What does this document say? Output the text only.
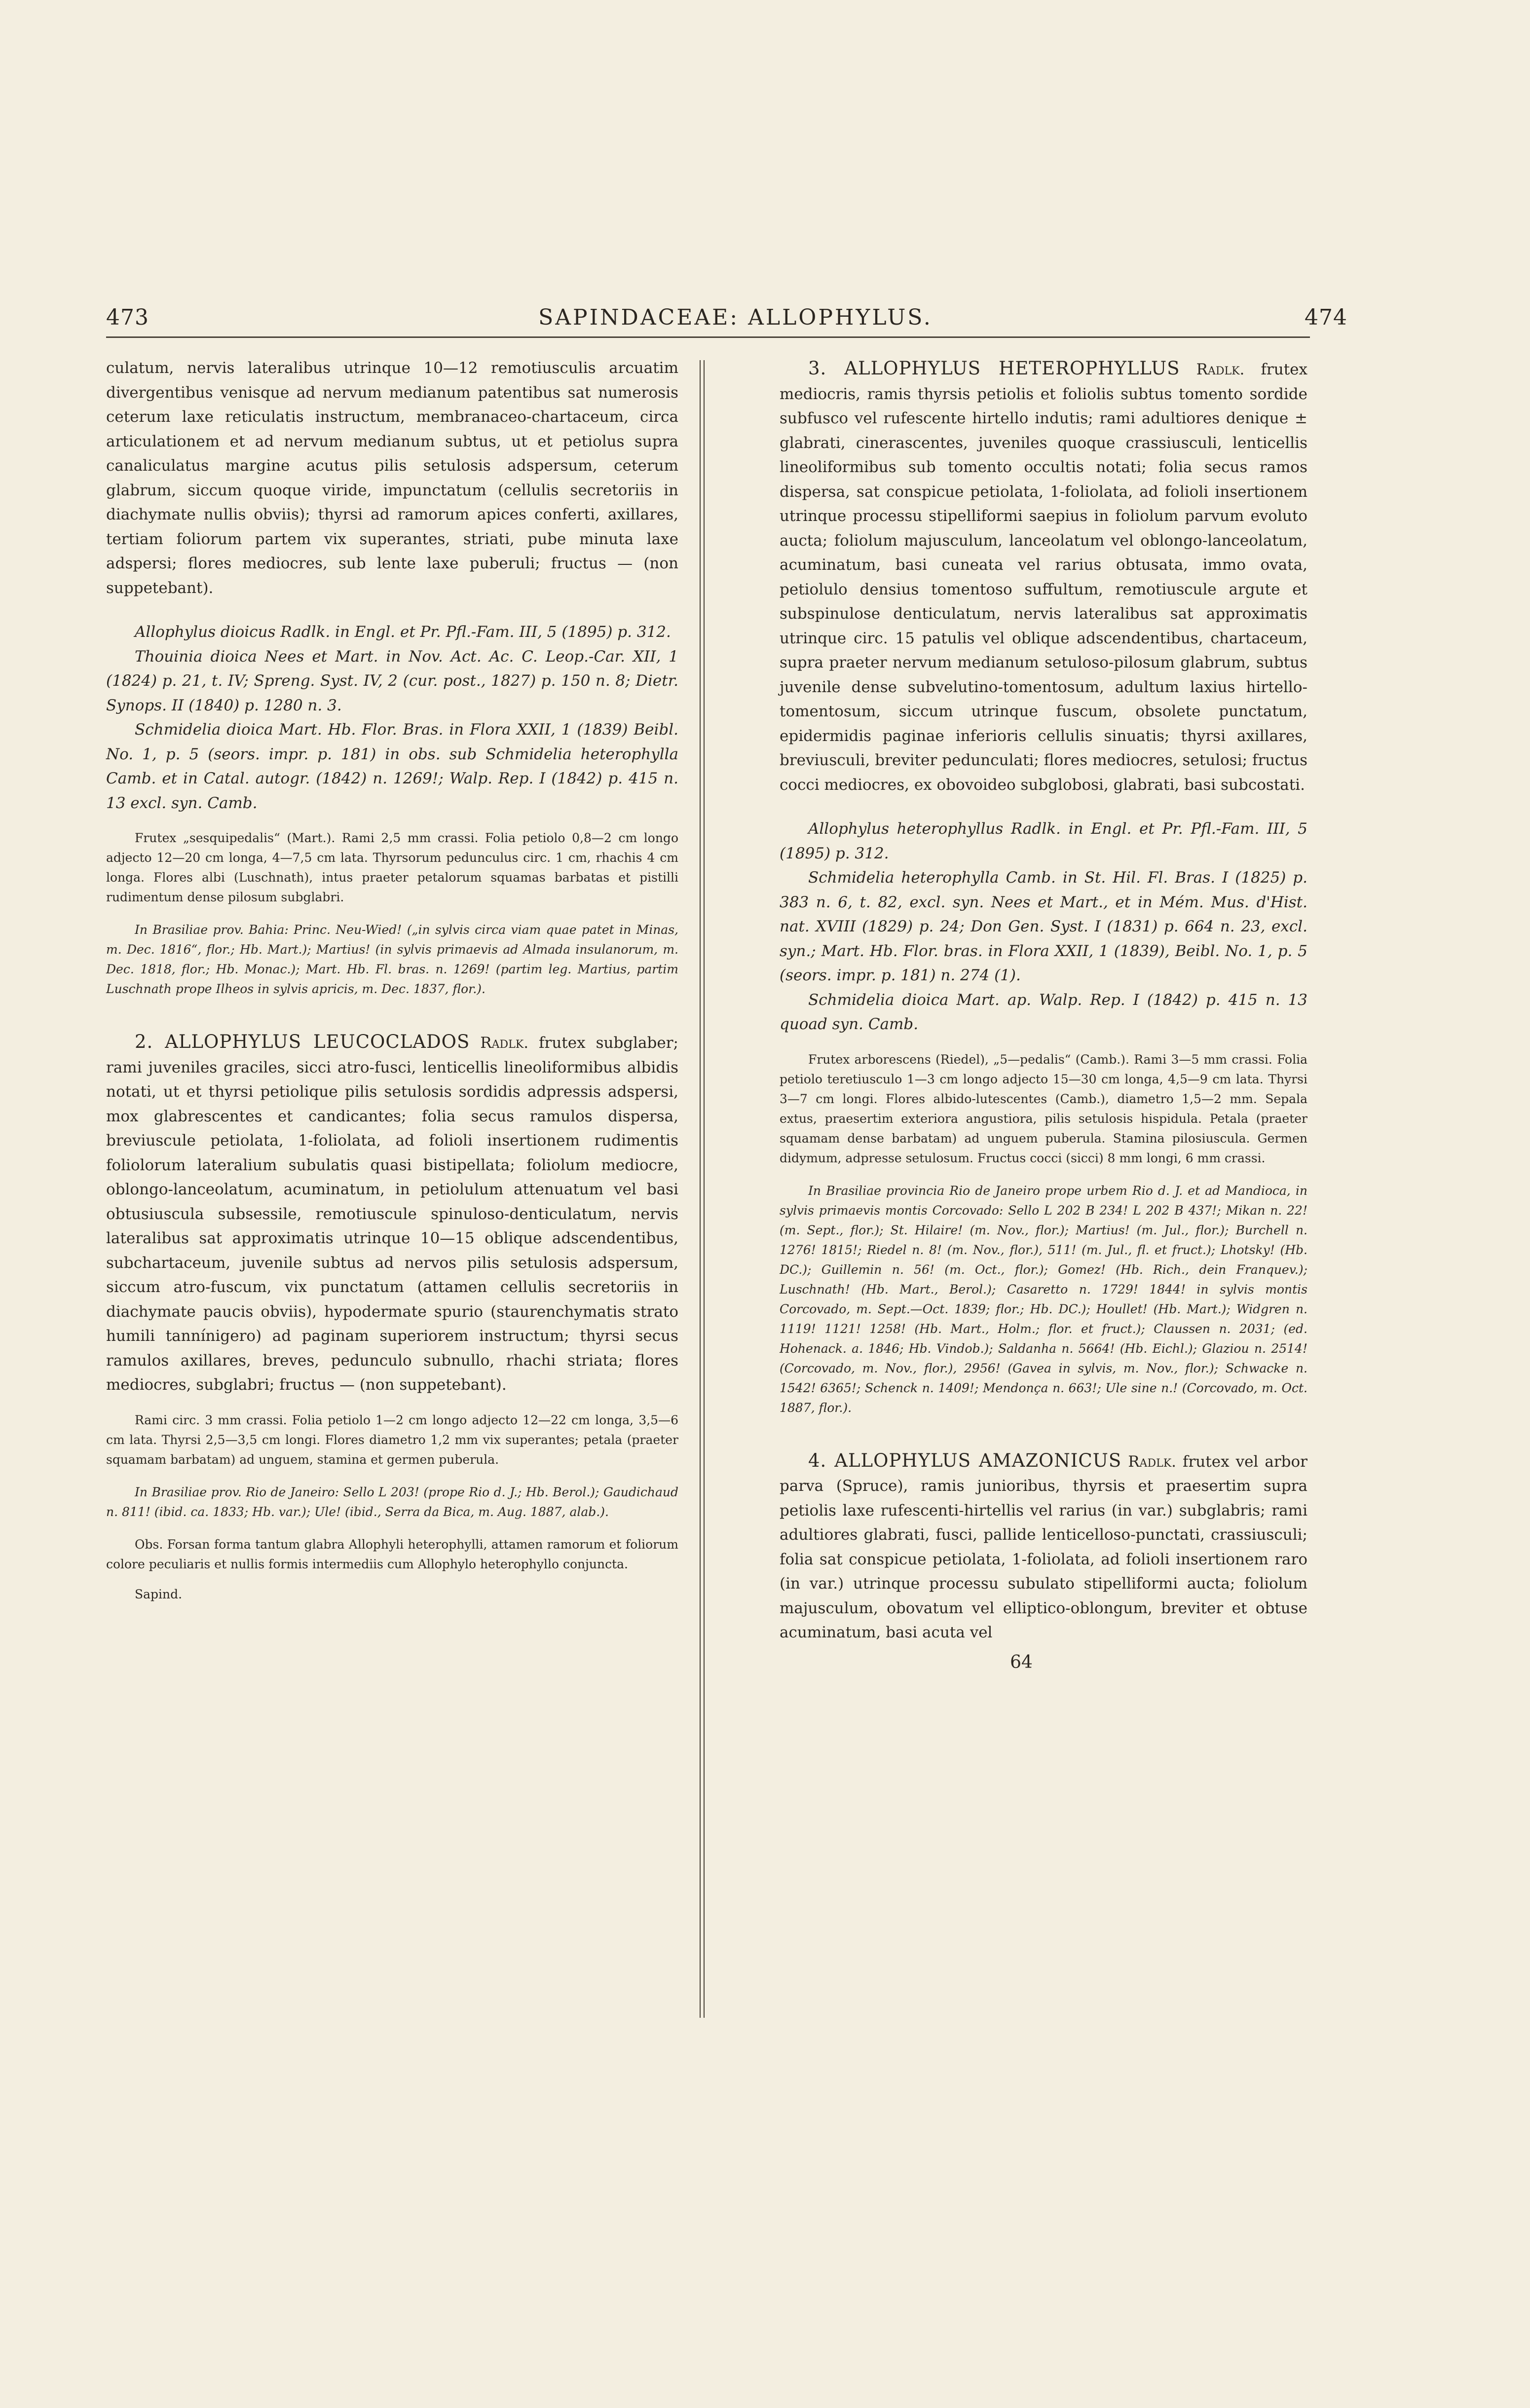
473	SAPINDACEAE: ALLOPHYLUS.	474

culatum, nervis lateralibus utrinque 10—12 remotiusculis arcuatim divergentibus venisque ad nervum medianum patentibus sat numerosis ceterum laxe reticulatis instructum, membranaceo-chartaceum, circa articulationem et ad nervum medianum subtus, ut et petiolus supra canaliculatus margine acutus pilis setulosis adspersum, ceterum glabrum, siccum quoque viride, impunctatum (cellulis secretoriis in diachymate nullis obviis); thyrsi ad ramorum apices conferti, axillares, tertiam foliorum partem vix superantes, striati, pube minuta laxe adspersi; flores mediocres, sub lente laxe puberuli; fructus — (non suppetebant).

Allophylus dioicus Radlk. in Engl. et Pr. Pfl.-Fam. III, 5 (1895) p. 312.

Thouinia dioica Nees et Mart. in Nov. Act. Ac. C. Leop.-Car. XII, 1 (1824) p. 21, t. IV; Spreng. Syst. IV, 2 (cur. post., 1827) p. 150 n. 8; Dietr. Synops. II (1840) p. 1280 n. 3.

Schmidelia dioica Mart. Hb. Flor. Bras. in Flora XXII, 1 (1839) Beibl. No. 1, p. 5 (seors. impr. p. 181) in obs. sub Schmidelia heterophylla Camb. et in Catal. autogr. (1842) n. 1269!; Walp. Rep. I (1842) p. 415 n. 13 excl. syn. Camb.

Frutex „sesquipedalis“ (Mart.). Rami 2,5 mm crassi. Folia petiolo 0,8—2 cm longo adjecto 12—20 cm longa, 4—7,5 cm lata. Thyrsorum pedunculus circ. 1 cm, rhachis 4 cm longa. Flores albi (Luschnath), intus praeter petalorum squamas barbatas et pistilli rudimentum dense pilosum subglabri.

In Brasiliae prov. Bahia: Princ. Neu-Wied! („in sylvis circa viam quae patet in Minas, m. Dec. 1816“, flor.; Hb. Mart.); Martius! (in sylvis primaevis ad Almada insulanorum, m. Dec. 1818, flor.; Hb. Monac.); Mart. Hb. Fl. bras. n. 1269! (partim leg. Martius, partim Luschnath prope Ilheos in sylvis apricis, m. Dec. 1837, flor.).

2. ALLOPHYLUS LEUCOCLADOS Radlk. frutex subglaber; rami juveniles graciles, sicci atro-fusci, lenticellis lineoliformibus albidis notati, ut et thyrsi petiolique pilis setulosis sordidis adpressis adspersi, mox glabrescentes et candicantes; folia secus ramulos dispersa, breviuscule petiolata, 1-foliolata, ad folioli insertionem rudimentis foliolorum lateralium subulatis quasi bistipellata; foliolum mediocre, oblongo-lanceolatum, acuminatum, in petiolulum attenuatum vel basi obtusiuscula subsessile, remotiuscule spinuloso-denticulatum, nervis lateralibus sat approximatis utrinque 10—15 oblique adscendentibus, subchartaceum, juvenile subtus ad nervos pilis setulosis adspersum, siccum atro-fuscum, vix punctatum (attamen cellulis secretoriis in diachymate paucis obviis), hypodermate spurio (staurenchymatis strato humili tannínigero) ad paginam superiorem instructum; thyrsi secus ramulos axillares, breves, pedunculo subnullo, rhachi striata; flores mediocres, subglabri; fructus — (non suppetebant).

Rami circ. 3 mm crassi. Folia petiolo 1—2 cm longo adjecto 12—22 cm longa, 3,5—6 cm lata. Thyrsi 2,5—3,5 cm longi. Flores diametro 1,2 mm vix superantes; petala (praeter squamam barbatam) ad unguem, stamina et germen puberula.

In Brasiliae prov. Rio de Janeiro: Sello L 203! (prope Rio d. J.; Hb. Berol.); Gaudichaud n. 811! (ibid. ca. 1833; Hb. var.); Ule! (ibid., Serra da Bica, m. Aug. 1887, alab.).

Obs. Forsan forma tantum glabra Allophyli heterophylli, attamen ramorum et foliorum colore peculiaris et nullis formis intermediis cum Allophylo heterophyllo conjuncta.

Sapind.

3. ALLOPHYLUS HETEROPHYLLUS Radlk. frutex mediocris, ramis thyrsis petiolis et foliolis subtus tomento sordide subfusco vel rufescente hirtello indutis; rami adultiores denique ± glabrati, cinerascentes, juveniles quoque crassiusculi, lenticellis lineoliformibus sub tomento occultis notati; folia secus ramos dispersa, sat conspicue petiolata, 1-foliolata, ad folioli insertionem utrinque processu stipelliformi saepius in foliolum parvum evoluto aucta; foliolum majusculum, lanceolatum vel oblongo-lanceolatum, acuminatum, basi cuneata vel rarius obtusata, immo ovata, petiolulo densius tomentoso suffultum, remotiuscule argute et subspinulose denticulatum, nervis lateralibus sat approximatis utrinque circ. 15 patulis vel oblique adscendentibus, chartaceum, supra praeter nervum medianum setuloso-pilosum glabrum, subtus juvenile dense subvelutino-tomentosum, adultum laxius hirtello-tomentosum, siccum utrinque fuscum, obsolete punctatum, epidermidis paginae inferioris cellulis sinuatis; thyrsi axillares, breviusculi, breviter pedunculati; flores mediocres, setulosi; fructus cocci mediocres, ex obovoideo subglobosi, glabrati, basi subcostati.

Allophylus heterophyllus Radlk. in Engl. et Pr. Pfl.-Fam. III, 5 (1895) p. 312.

Schmidelia heterophylla Camb. in St. Hil. Fl. Bras. I (1825) p. 383 n. 6, t. 82, excl. syn. Nees et Mart., et in Mém. Mus. d'Hist. nat. XVIII (1829) p. 24; Don Gen. Syst. I (1831) p. 664 n. 23, excl. syn.; Mart. Hb. Flor. bras. in Flora XXII, 1 (1839), Beibl. No. 1, p. 5 (seors. impr. p. 181) n. 274 (1).

Schmidelia dioica Mart. ap. Walp. Rep. I (1842) p. 415 n. 13 quoad syn. Camb.

Frutex arborescens (Riedel), „5—pedalis“ (Camb.). Rami 3—5 mm crassi. Folia petiolo teretiusculo 1—3 cm longo adjecto 15—30 cm longa, 4,5—9 cm lata. Thyrsi 3—7 cm longi. Flores albido-lutescentes (Camb.), diametro 1,5—2 mm. Sepala extus, praesertim exteriora angustiora, pilis setulosis hispidula. Petala (praeter squamam dense barbatam) ad unguem puberula. Stamina pilosiuscula. Germen didymum, adpresse setulosum. Fructus cocci (sicci) 8 mm longi, 6 mm crassi.

In Brasiliae provincia Rio de Janeiro prope urbem Rio d. J. et ad Mandioca, in sylvis primaevis montis Corcovado: Sello L 202 B 234! L 202 B 437!; Mikan n. 22! (m. Sept., flor.); St. Hilaire! (m. Nov., flor.); Martius! (m. Jul., flor.); Burchell n. 1276! 1815!; Riedel n. 8! (m. Nov., flor.), 511! (m. Jul., fl. et fruct.); Lhotsky! (Hb. DC.); Guillemin n. 56! (m. Oct., flor.); Gomez! (Hb. Rich., dein Franquev.); Luschnath! (Hb. Mart., Berol.); Casaretto n. 1729! 1844! in sylvis montis Corcovado, m. Sept.—Oct. 1839; flor.; Hb. DC.); Houllet! (Hb. Mart.); Widgren n. 1119! 1121! 1258! (Hb. Mart., Holm.; flor. et fruct.); Claussen n. 2031; (ed. Hohenack. a. 1846; Hb. Vindob.); Saldanha n. 5664! (Hb. Eichl.); Glaziou n. 2514! (Corcovado, m. Nov., flor.), 2956! (Gavea in sylvis, m. Nov., flor.); Schwacke n. 1542! 6365!; Schenck n. 1409!; Mendonça n. 663!; Ule sine n.! (Corcovado, m. Oct. 1887, flor.).

4. ALLOPHYLUS AMAZONICUS Radlk. frutex vel arbor parva (Spruce), ramis junioribus, thyrsis et praesertim supra petiolis laxe rufescenti-hirtellis vel rarius (in var.) subglabris; rami adultiores glabrati, fusci, pallide lenticelloso-punctati, crassiusculi; folia sat conspicue petiolata, 1-foliolata, ad folioli insertionem raro (in var.) utrinque processu subulato stipelliformi aucta; foliolum majusculum, obovatum vel elliptico-oblongum, breviter et obtuse acuminatum, basi acuta vel

64
